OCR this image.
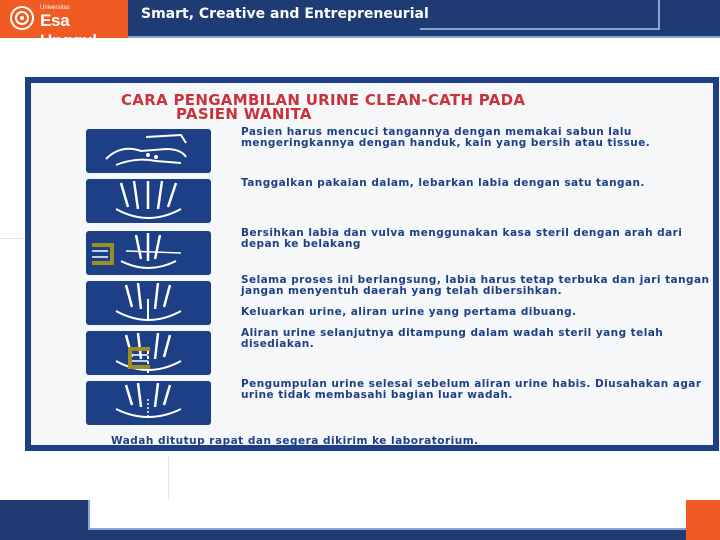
Universitas
Esa Unggul
Smart, Creative and Entrepreneurial
CARA PENGAMBILAN URINE CLEAN-CATH PADA
PASIEN WANITA
Pasien harus mencuci tangannya dengan memakai sabun lalu mengeringkannya dengan handuk, kain yang bersih atau tissue.
Tanggalkan pakaian dalam, lebarkan labia dengan satu tangan.
Bersihkan labia dan vulva menggunakan kasa steril dengan arah dari depan ke belakang
Selama proses ini berlangsung, labia harus tetap terbuka dan jari tangan jangan menyentuh daerah yang telah dibersihkan.
Keluarkan urine, aliran urine yang pertama dibuang.
Aliran urine selanjutnya ditampung dalam wadah steril yang telah disediakan.
Pengumpulan urine selesai sebelum aliran urine habis. Diusahakan agar urine tidak membasahi bagian luar wadah.
Wadah ditutup rapat dan segera dikirim ke laboratorium.
